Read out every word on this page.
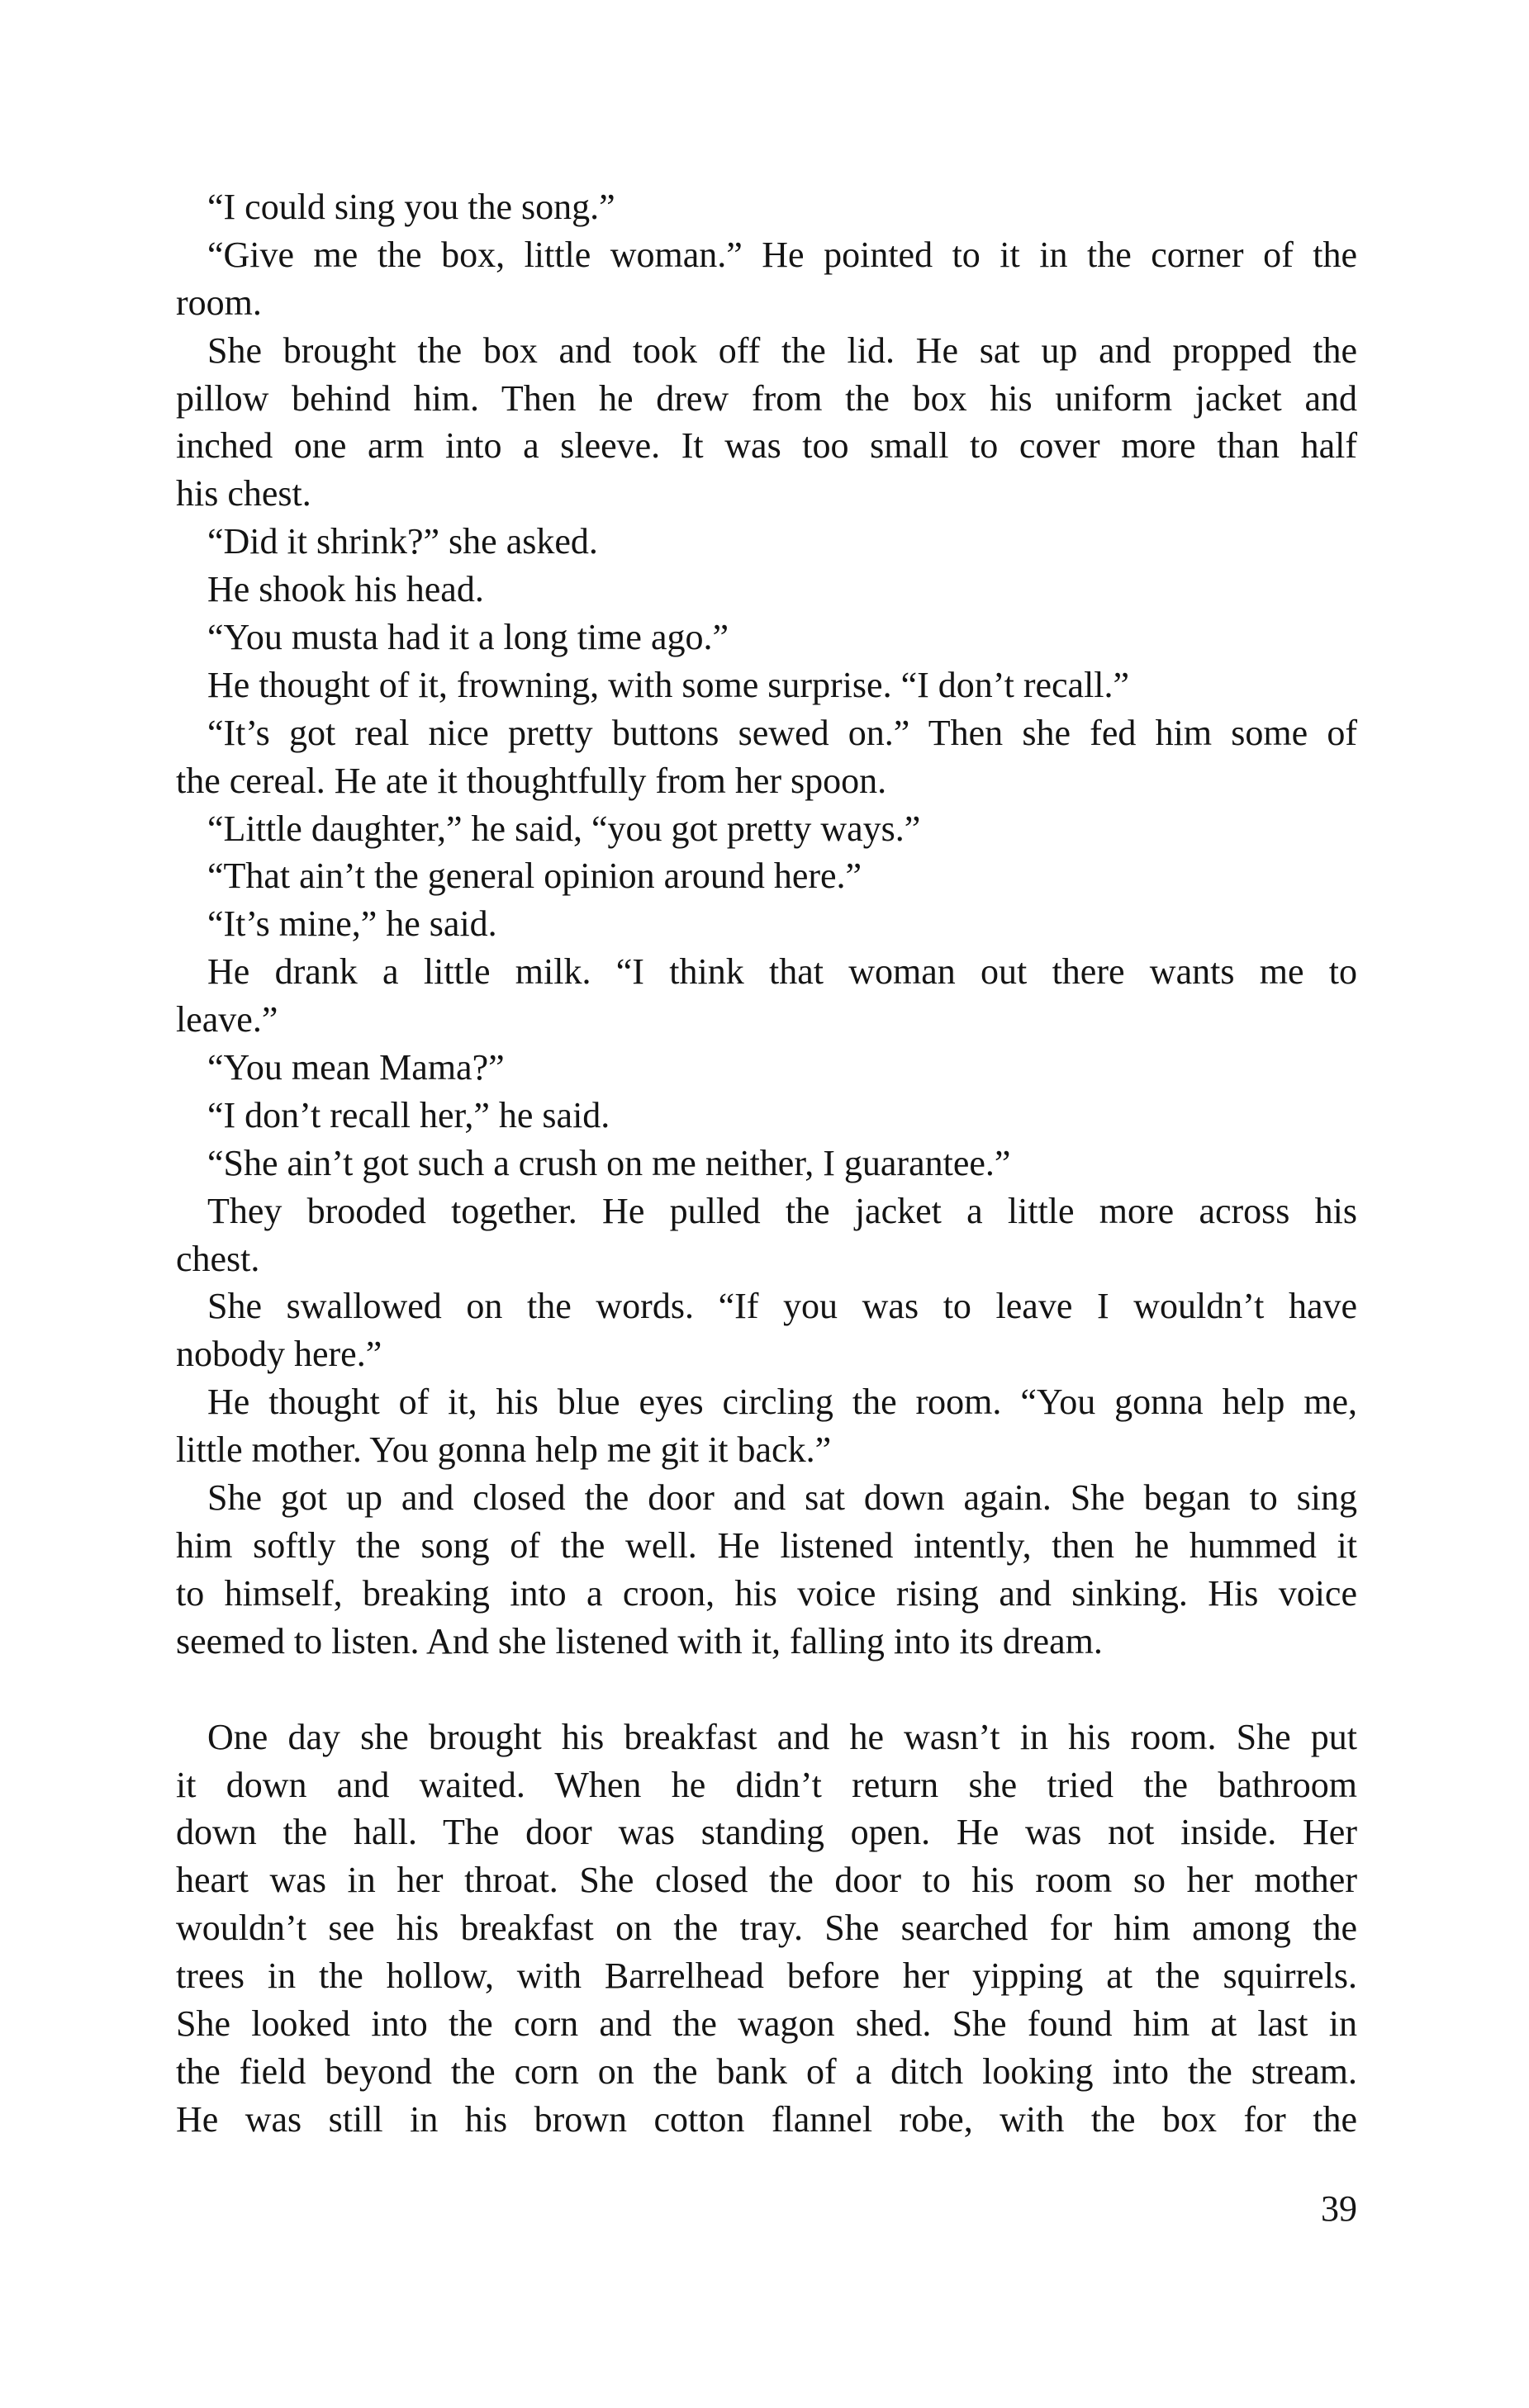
“I could sing you the song.”
“Give me the box, little woman.” He pointed to it in the corner of the
room.
She brought the box and took off the lid. He sat up and propped the
pillow behind him. Then he drew from the box his uniform jacket and
inched one arm into a sleeve. It was too small to cover more than half
his chest.
“Did it shrink?” she asked.
He shook his head.
“You musta had it a long time ago.”
He thought of it, frowning, with some surprise. “I don’t recall.”
“It’s got real nice pretty buttons sewed on.” Then she fed him some of
the cereal. He ate it thoughtfully from her spoon.
“Little daughter,” he said, “you got pretty ways.”
“That ain’t the general opinion around here.”
“It’s mine,” he said.
He drank a little milk. “I think that woman out there wants me to
leave.”
“You mean Mama?”
“I don’t recall her,” he said.
“She ain’t got such a crush on me neither, I guarantee.”
They brooded together. He pulled the jacket a little more across his
chest.
She swallowed on the words. “If you was to leave I wouldn’t have
nobody here.”
He thought of it, his blue eyes circling the room. “You gonna help me,
little mother. You gonna help me git it back.”
She got up and closed the door and sat down again. She began to sing
him softly the song of the well. He listened intently, then he hummed it
to himself, breaking into a croon, his voice rising and sinking. His voice
seemed to listen. And she listened with it, falling into its dream.
One day she brought his breakfast and he wasn’t in his room. She put
it down and waited. When he didn’t return she tried the bathroom
down the hall. The door was standing open. He was not inside. Her
heart was in her throat. She closed the door to his room so her mother
wouldn’t see his breakfast on the tray. She searched for him among the
trees in the hollow, with Barrelhead before her yipping at the squirrels.
She looked into the corn and the wagon shed. She found him at last in
the field beyond the corn on the bank of a ditch looking into the stream.
He was still in his brown cotton flannel robe, with the box for the
39
